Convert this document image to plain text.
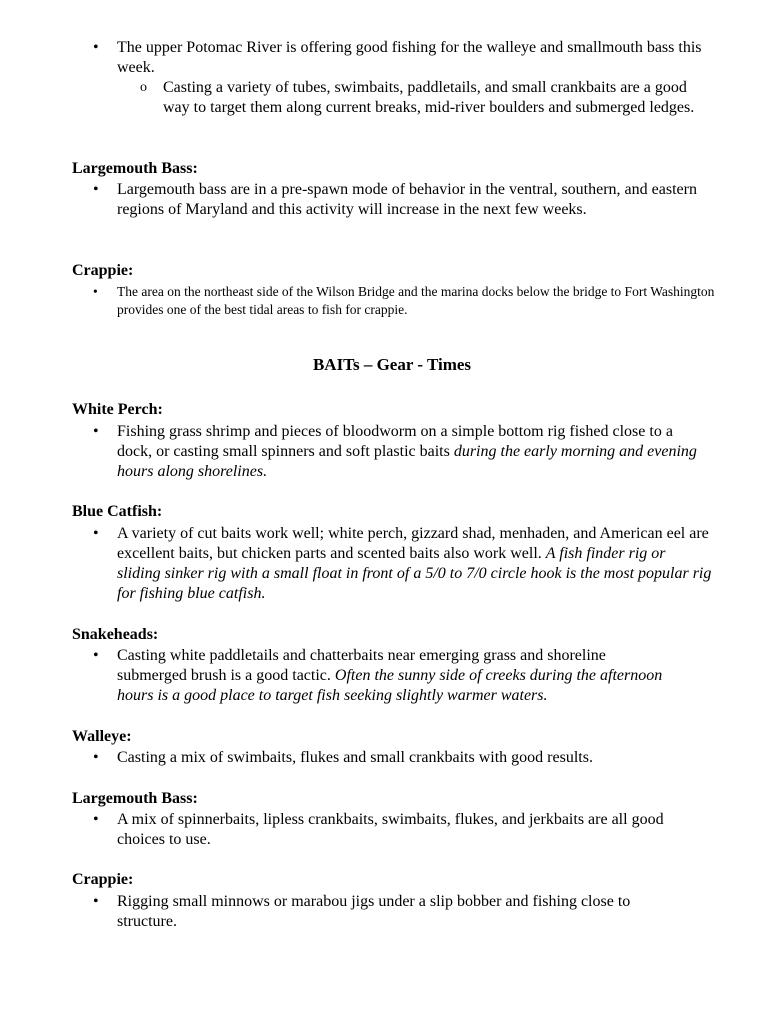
• The upper Potomac River is offering good fishing for the walleye and smallmouth bass this week.
o Casting a variety of tubes, swimbaits, paddletails, and small crankbaits are a good way to target them along current breaks, mid-river boulders and submerged ledges.
Largemouth Bass:
• Largemouth bass are in a pre-spawn mode of behavior in the ventral, southern, and eastern regions of Maryland and this activity will increase in the next few weeks.
Crappie:
• The area on the northeast side of the Wilson Bridge and the marina docks below the bridge to Fort Washington provides one of the best tidal areas to fish for crappie.
BAITs – Gear - Times
White Perch:
• Fishing grass shrimp and pieces of bloodworm on a simple bottom rig fished close to a dock, or casting small spinners and soft plastic baits during the early morning and evening hours along shorelines.
Blue Catfish:
• A variety of cut baits work well; white perch, gizzard shad, menhaden, and American eel are excellent baits, but chicken parts and scented baits also work well. A fish finder rig or sliding sinker rig with a small float in front of a 5/0 to 7/0 circle hook is the most popular rig for fishing blue catfish.
Snakeheads:
• Casting white paddletails and chatterbaits near emerging grass and shoreline submerged brush is a good tactic. Often the sunny side of creeks during the afternoon hours is a good place to target fish seeking slightly warmer waters.
Walleye:
• Casting a mix of swimbaits, flukes and small crankbaits with good results.
Largemouth Bass:
• A mix of spinnerbaits, lipless crankbaits, swimbaits, flukes, and jerkbaits are all good choices to use.
Crappie:
• Rigging small minnows or marabou jigs under a slip bobber and fishing close to structure.
